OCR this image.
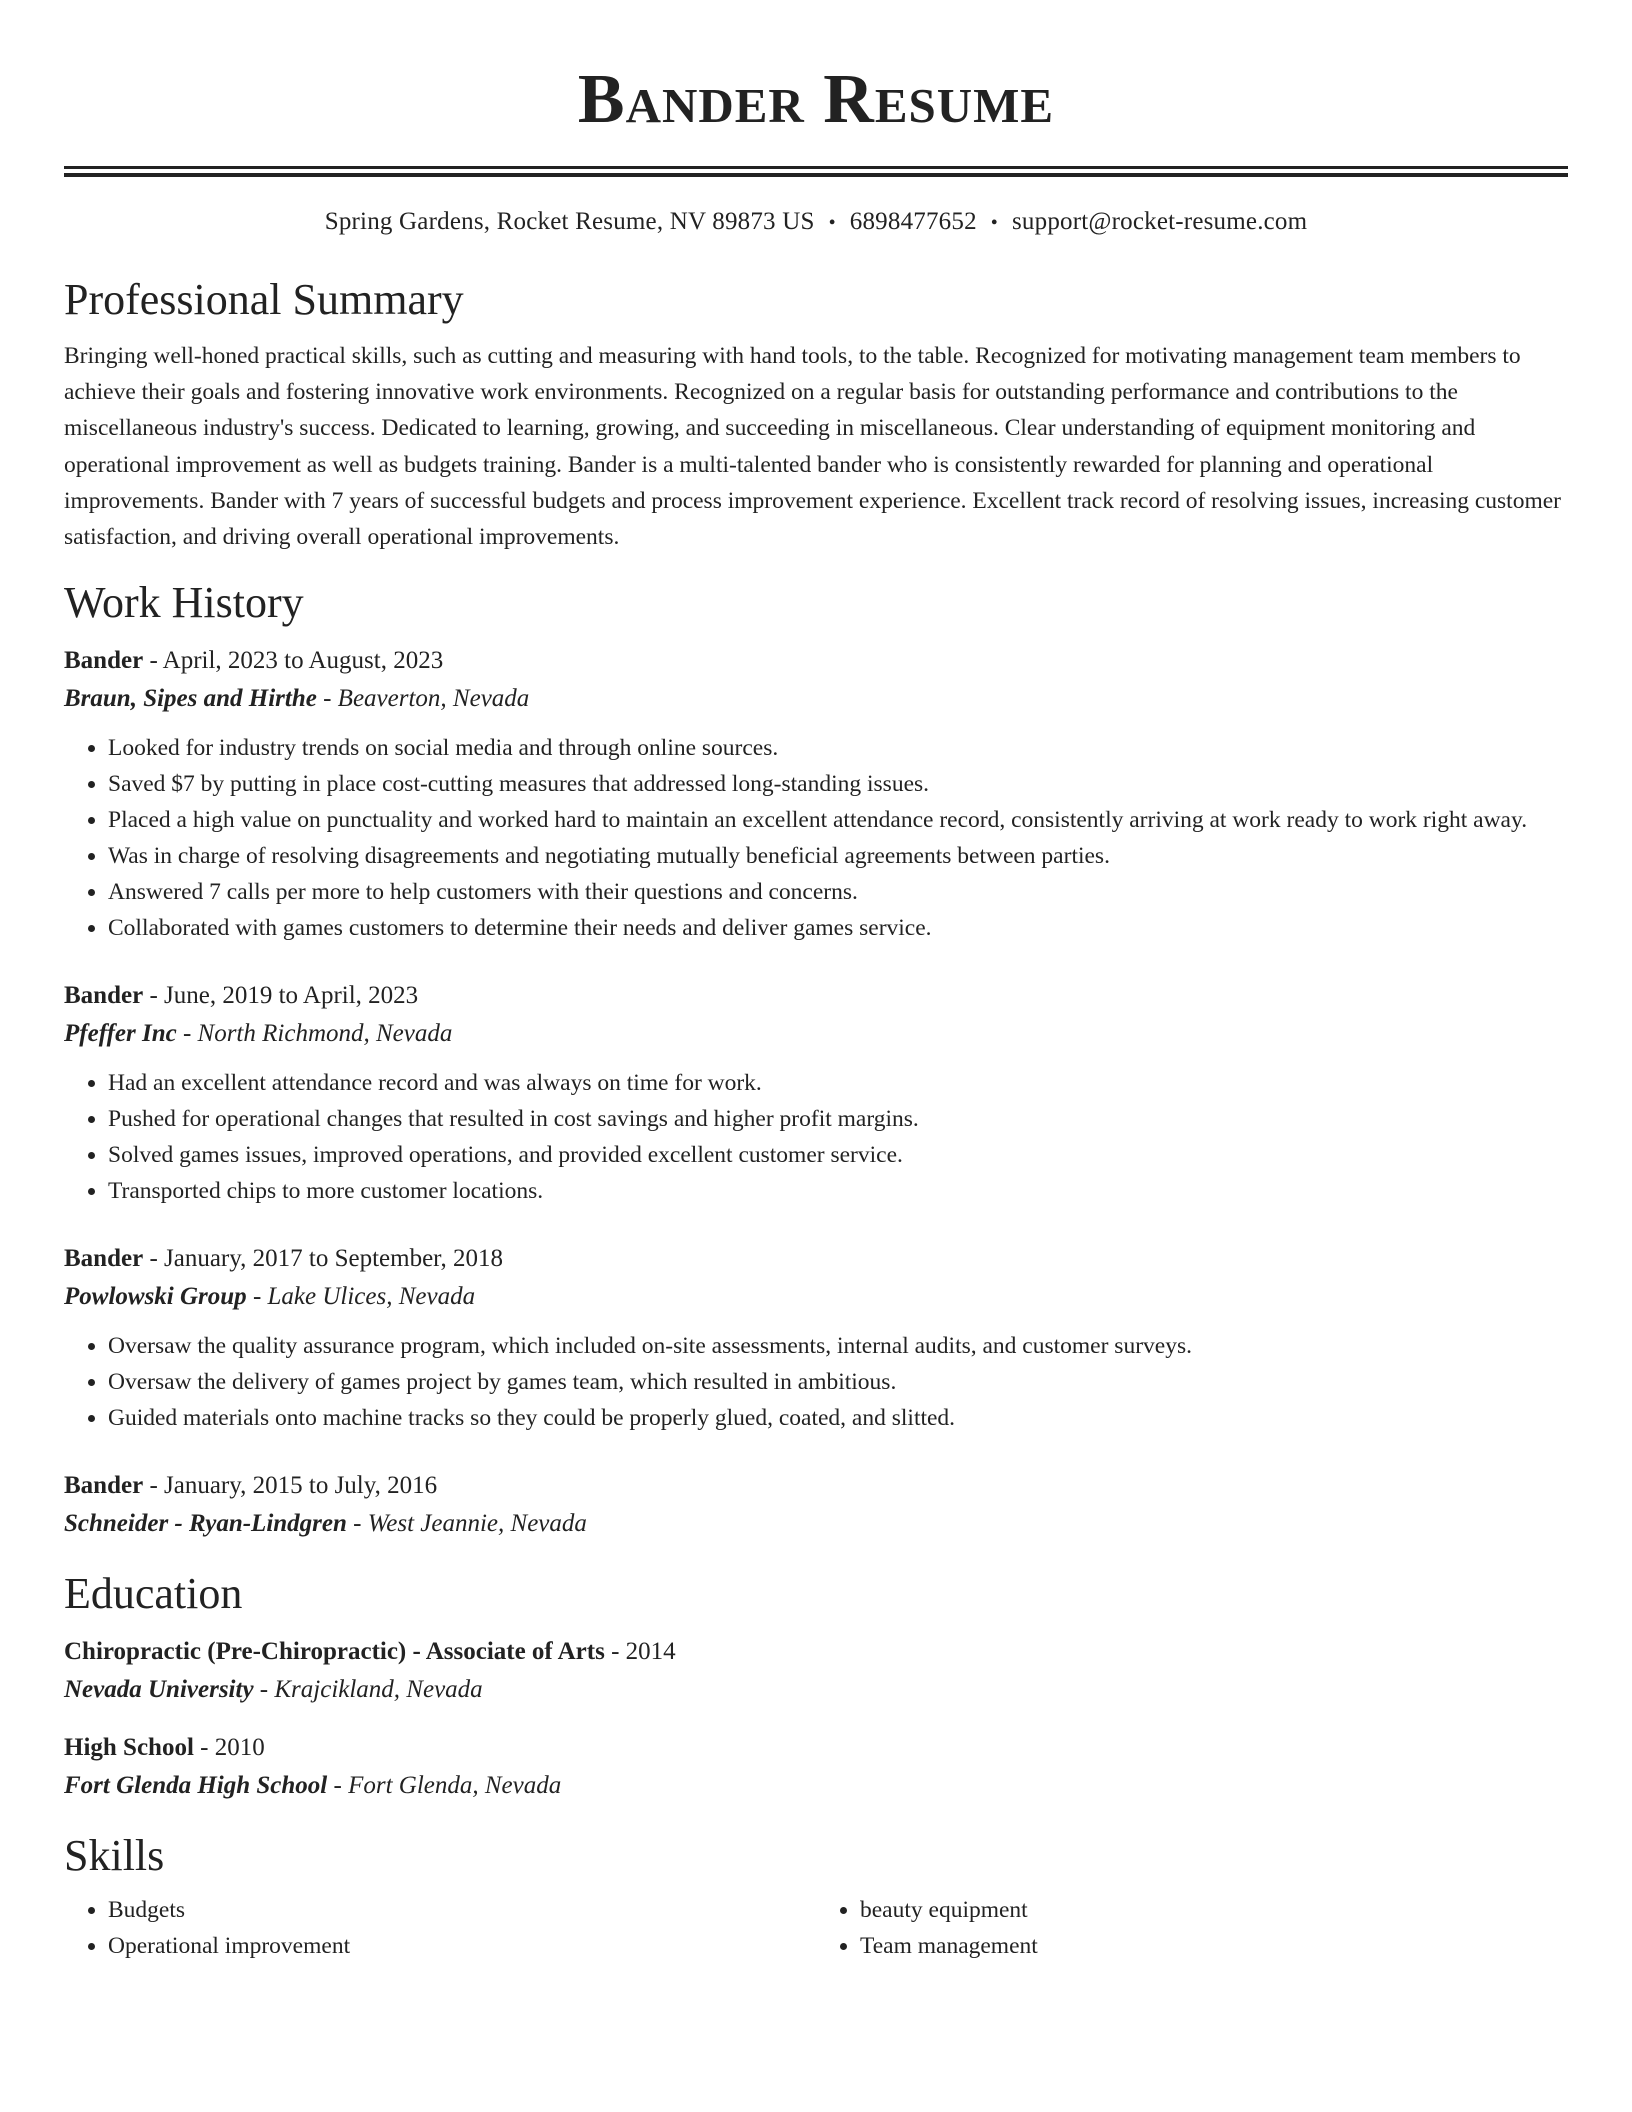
Bander Resume
Spring Gardens, Rocket Resume, NV 89873 US • 6898477652 • support@rocket-resume.com
Professional Summary

Bringing well-honed practical skills, such as cutting and measuring with hand tools, to the table. Recognized for motivating management team members to achieve their goals and fostering innovative work environments. Recognized on a regular basis for outstanding performance and contributions to the miscellaneous industry's success. Dedicated to learning, growing, and succeeding in miscellaneous. Clear understanding of equipment monitoring and operational improvement as well as budgets training. Bander is a multi-talented bander who is consistently rewarded for planning and operational improvements. Bander with 7 years of successful budgets and process improvement experience. Excellent track record of resolving issues, increasing customer satisfaction, and driving overall operational improvements.

Work History
Bander - April, 2023 to August, 2023
Braun, Sipes and Hirthe - Beaverton, Nevada
• Looked for industry trends on social media and through online sources.
• Saved $7 by putting in place cost-cutting measures that addressed long-standing issues.
• Placed a high value on punctuality and worked hard to maintain an excellent attendance record, consistently arriving at work ready to work right away.
• Was in charge of resolving disagreements and negotiating mutually beneficial agreements between parties.
• Answered 7 calls per more to help customers with their questions and concerns.
• Collaborated with games customers to determine their needs and deliver games service.
Bander - June, 2019 to April, 2023
Pfeffer Inc - North Richmond, Nevada
• Had an excellent attendance record and was always on time for work.
• Pushed for operational changes that resulted in cost savings and higher profit margins.
• Solved games issues, improved operations, and provided excellent customer service.
• Transported chips to more customer locations.
Bander - January, 2017 to September, 2018
Powlowski Group - Lake Ulices, Nevada
• Oversaw the quality assurance program, which included on-site assessments, internal audits, and customer surveys.
• Oversaw the delivery of games project by games team, which resulted in ambitious.
• Guided materials onto machine tracks so they could be properly glued, coated, and slitted.
Bander - January, 2015 to July, 2016
Schneider - Ryan-Lindgren - West Jeannie, Nevada
Education
Chiropractic (Pre-Chiropractic) - Associate of Arts - 2014
Nevada University - Krajcikland, Nevada
High School - 2010
Fort Glenda High School - Fort Glenda, Nevada
Skills
• Budgets
• Operational improvement
• beauty equipment
• Team management
